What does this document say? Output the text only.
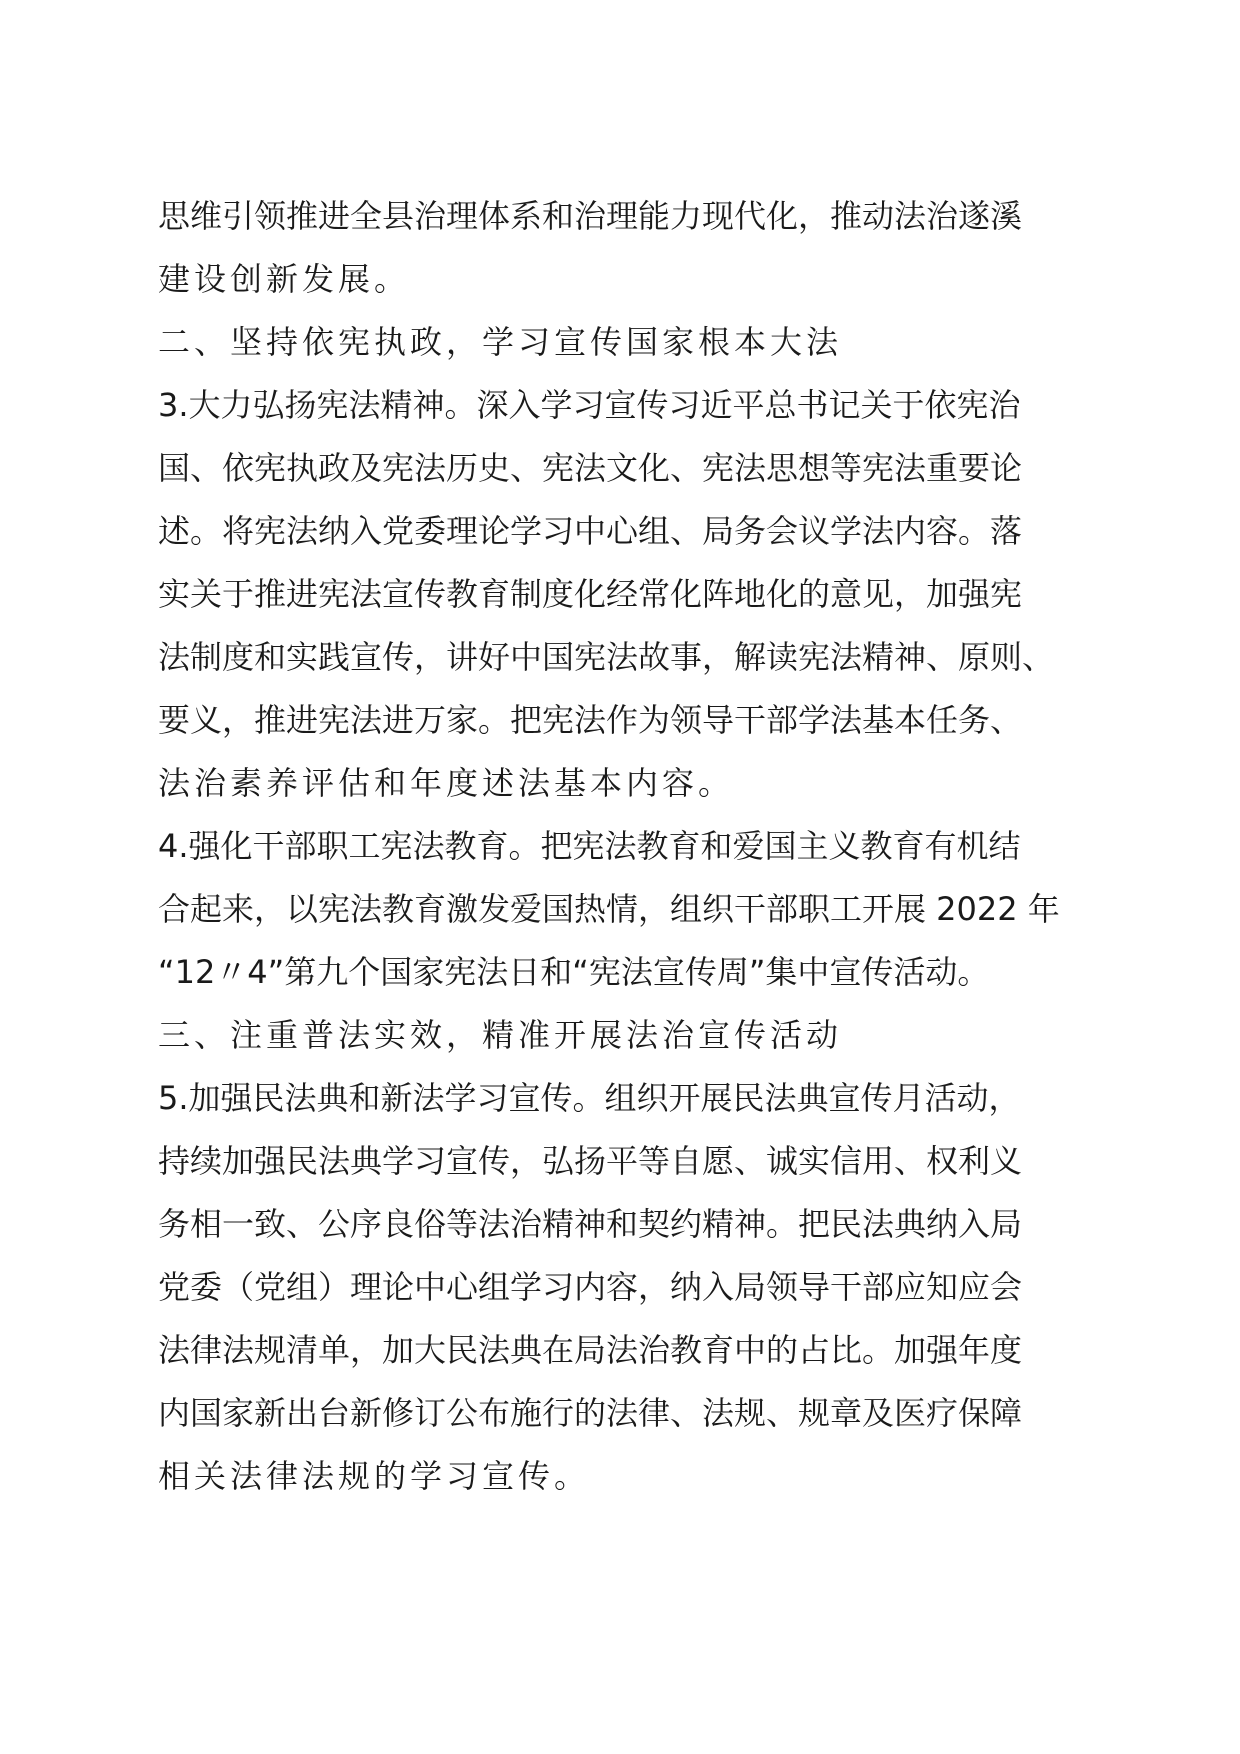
思维引领推进全县治理体系和治理能力现代化，推动法治遂溪
建设创新发展。
二、坚持依宪执政，学习宣传国家根本大法
3.大力弘扬宪法精神。深入学习宣传习近平总书记关于依宪治
国、依宪执政及宪法历史、宪法文化、宪法思想等宪法重要论
述。将宪法纳入党委理论学习中心组、局务会议学法内容。落
实关于推进宪法宣传教育制度化经常化阵地化的意见，加强宪
法制度和实践宣传，讲好中国宪法故事，解读宪法精神、原则、
要义，推进宪法进万家。把宪法作为领导干部学法基本任务、
法治素养评估和年度述法基本内容。
4.强化干部职工宪法教育。把宪法教育和爱国主义教育有机结
合起来，以宪法教育激发爱国热情，组织干部职工开展 2022 年
“12〃4”第九个国家宪法日和“宪法宣传周”集中宣传活动。
三、注重普法实效，精准开展法治宣传活动
5.加强民法典和新法学习宣传。组织开展民法典宣传月活动，
持续加强民法典学习宣传，弘扬平等自愿、诚实信用、权利义
务相一致、公序良俗等法治精神和契约精神。把民法典纳入局
党委（党组）理论中心组学习内容，纳入局领导干部应知应会
法律法规清单，加大民法典在局法治教育中的占比。加强年度
内国家新出台新修订公布施行的法律、法规、规章及医疗保障
相关法律法规的学习宣传。
